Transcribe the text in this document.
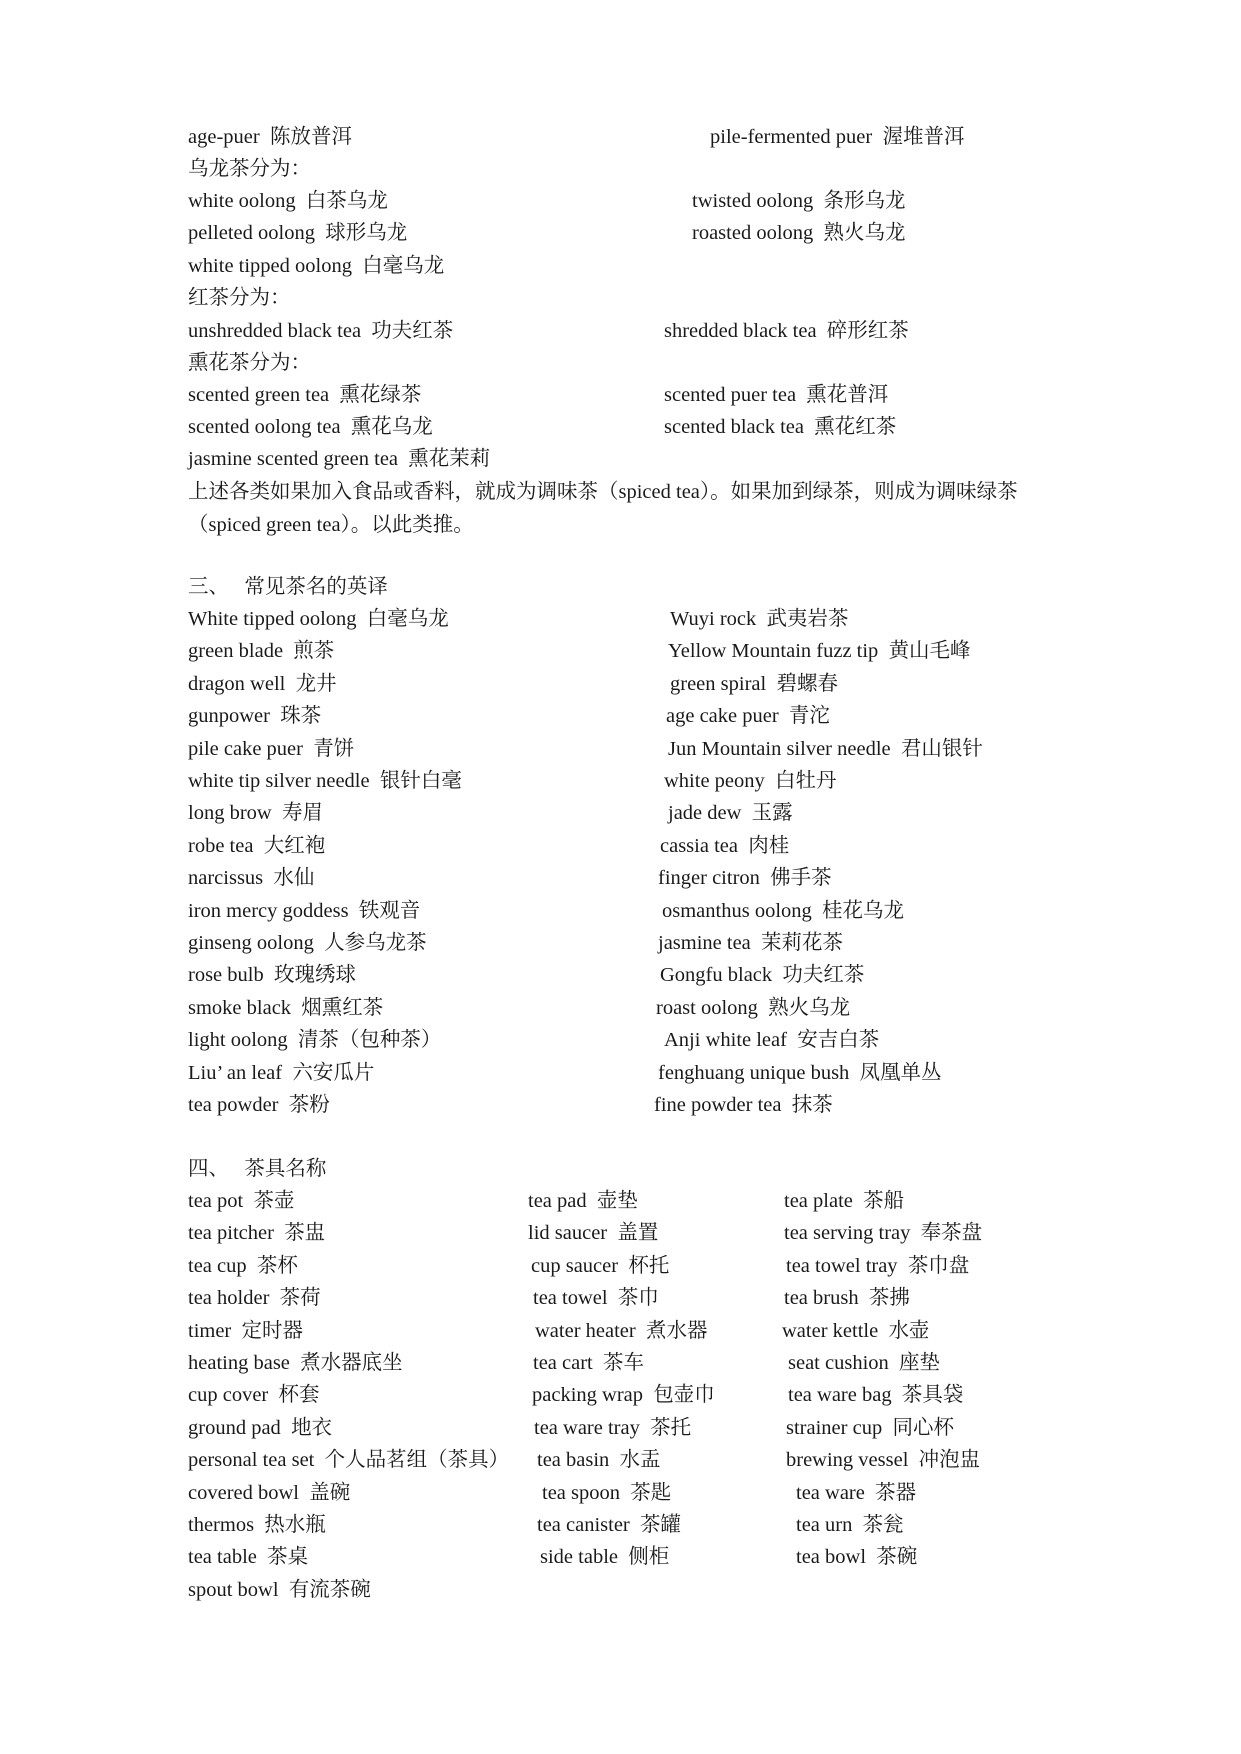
age-puer 陈放普洱	pile-fermented puer 渥堆普洱
乌龙茶分为：
white oolong 白茶乌龙	twisted oolong 条形乌龙
pelleted oolong 球形乌龙	roasted oolong 熟火乌龙
white tipped oolong 白毫乌龙
红茶分为：
unshredded black tea 功夫红茶	shredded black tea 碎形红茶
熏花茶分为：
scented green tea 熏花绿茶	scented puer tea 熏花普洱
scented oolong tea 熏花乌龙	scented black tea 熏花红茶
jasmine scented green tea 熏花茉莉
上述各类如果加入食品或香料，就成为调味茶（spiced tea）。如果加到绿茶，则成为调味绿茶（spiced green tea）。以此类推。
三、 常见茶名的英译
White tipped oolong 白毫乌龙	Wuyi rock 武夷岩茶
green blade 煎茶	Yellow Mountain fuzz tip 黄山毛峰
dragon well 龙井	green spiral 碧螺春
gunpower 珠茶	age cake puer 青沱
pile cake puer 青饼	Jun Mountain silver needle 君山银针
white tip silver needle 银针白毫	white peony 白牡丹
long brow 寿眉	jade dew 玉露
robe tea 大红袍	cassia tea 肉桂
narcissus 水仙	finger citron 佛手茶
iron mercy goddess 铁观音	osmanthus oolong 桂花乌龙
ginseng oolong 人参乌龙茶	jasmine tea 茉莉花茶
rose bulb 玫瑰绣球	Gongfu black 功夫红茶
smoke black 烟熏红茶	roast oolong 熟火乌龙
light oolong 清茶（包种茶）	Anji white leaf 安吉白茶
Liu’ an leaf 六安瓜片	fenghuang unique bush 凤凰单丛
tea powder 茶粉	fine powder tea 抹茶
四、 茶具名称
tea pot 茶壶	tea pad 壶垫	tea plate 茶船
tea pitcher 茶盅	lid saucer 盖置	tea serving tray 奉茶盘
tea cup 茶杯	cup saucer 杯托	tea towel tray 茶巾盘
tea holder 茶荷	tea towel 茶巾	tea brush 茶拂
timer 定时器	water heater 煮水器	water kettle 水壶
heating base 煮水器底坐	tea cart 茶车	seat cushion 座垫
cup cover 杯套	packing wrap 包壶巾	tea ware bag 茶具袋
ground pad 地衣	tea ware tray 茶托	strainer cup 同心杯
personal tea set 个人品茗组（茶具） tea basin 水盂	brewing vessel 冲泡盅
covered bowl 盖碗	tea spoon 茶匙	tea ware 茶器
thermos 热水瓶	tea canister 茶罐	tea urn 茶瓮
tea table 茶桌	side table 侧柜	tea bowl 茶碗
spout bowl 有流茶碗
